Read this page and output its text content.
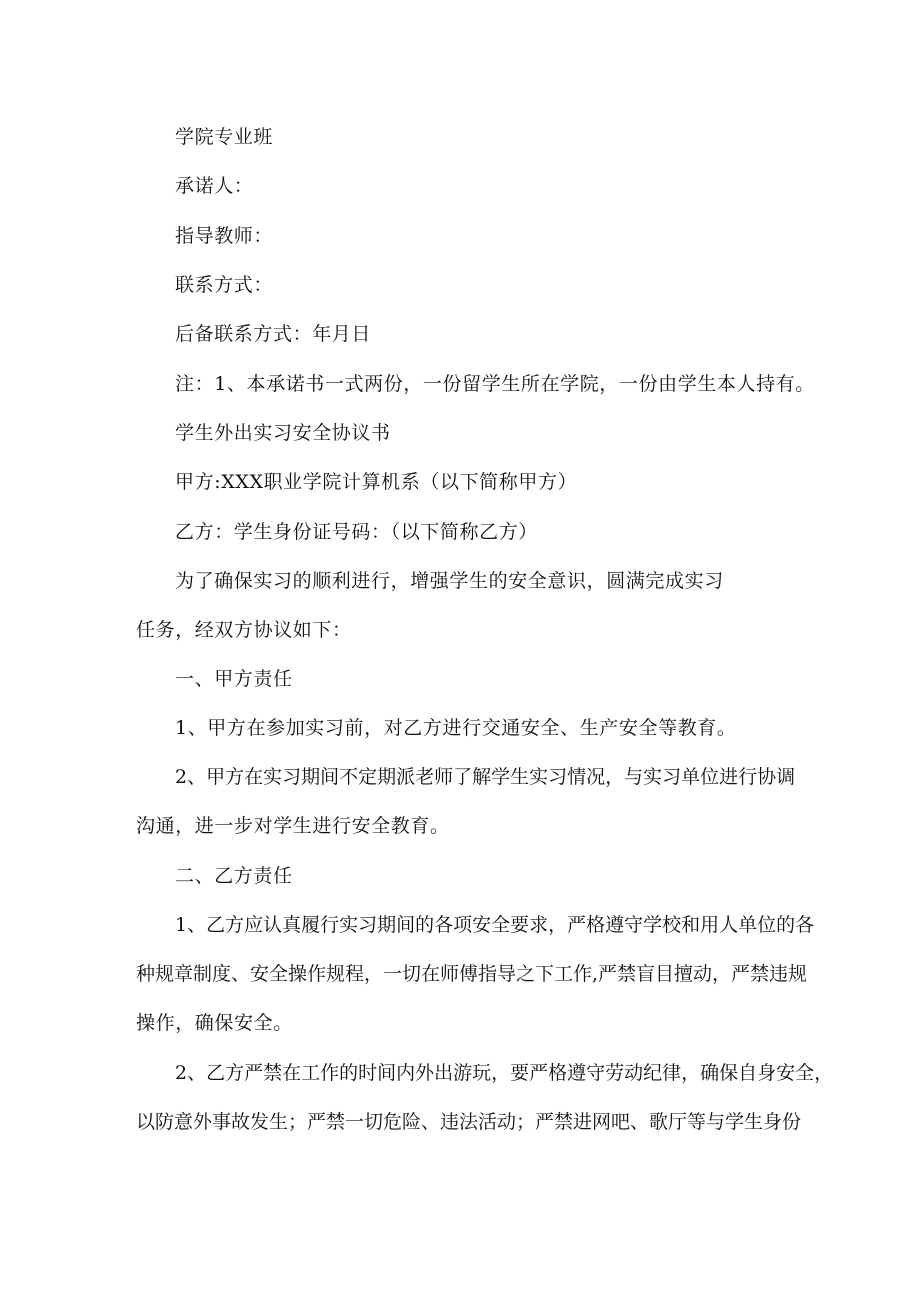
学院专业班

承诺人：

指导教师：

联系方式：

后备联系方式：年月日

注：1、本承诺书一式两份，一份留学生所在学院，一份由学生本人持有。

学生外出实习安全协议书

甲方:XXX职业学院计算机系（以下简称甲方）

乙方：学生身份证号码：（以下简称乙方）

为了确保实习的顺利进行，增强学生的安全意识，圆满完成实习

任务，经双方协议如下：

一、甲方责任

1、甲方在参加实习前，对乙方进行交通安全、生产安全等教育。

2、甲方在实习期间不定期派老师了解学生实习情况，与实习单位进行协调

沟通，进一步对学生进行安全教育。

二、乙方责任

1、乙方应认真履行实习期间的各项安全要求，严格遵守学校和用人单位的各

种规章制度、安全操作规程，一切在师傅指导之下工作,严禁盲目擅动，严禁违规

操作，确保安全。

2、乙方严禁在工作的时间内外出游玩，要严格遵守劳动纪律，确保自身安全，

以防意外事故发生；严禁一切危险、违法活动；严禁进网吧、歌厅等与学生身份
